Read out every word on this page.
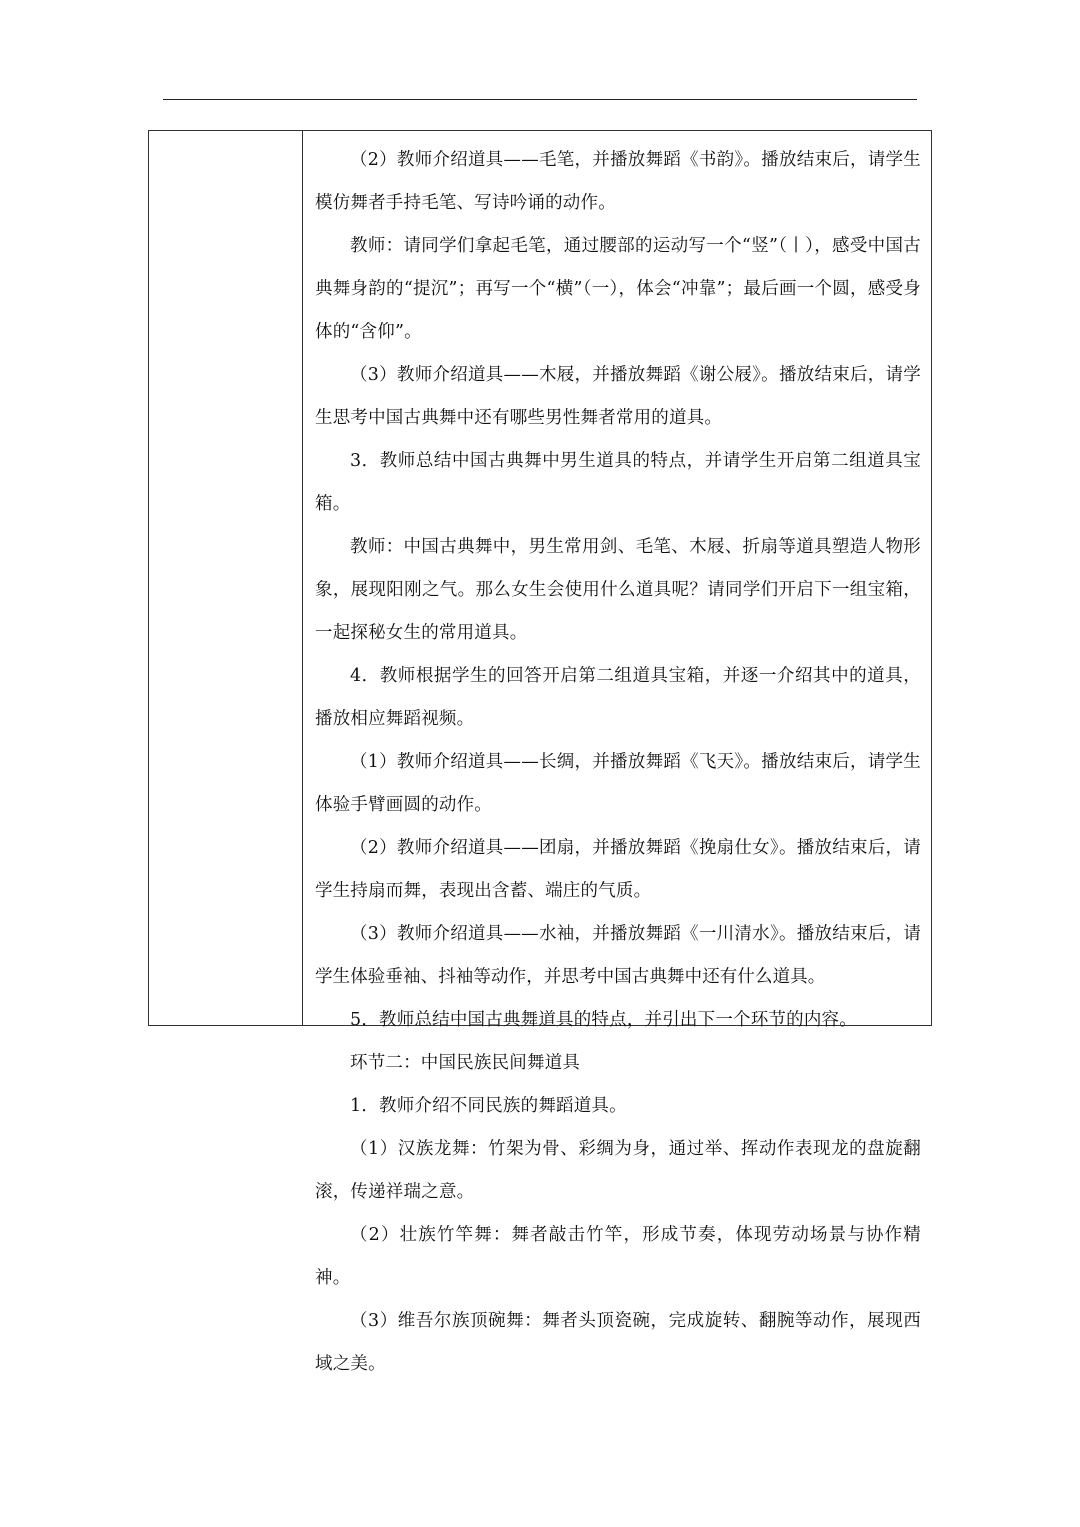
（2）教师介绍道具——毛笔，并播放舞蹈《书韵》。播放结束后，请学生模仿舞者手持毛笔、写诗吟诵的动作。

教师：请同学们拿起毛笔，通过腰部的运动写一个“竖”（丨），感受中国古典舞身韵的“提沉”；再写一个“横”（一），体会“冲靠”；最后画一个圆，感受身体的“含仰”。

（3）教师介绍道具——木屐，并播放舞蹈《谢公屐》。播放结束后，请学生思考中国古典舞中还有哪些男性舞者常用的道具。

3．教师总结中国古典舞中男生道具的特点，并请学生开启第二组道具宝箱。

教师：中国古典舞中，男生常用剑、毛笔、木屐、折扇等道具塑造人物形象，展现阳刚之气。那么女生会使用什么道具呢？请同学们开启下一组宝箱，一起探秘女生的常用道具。

4．教师根据学生的回答开启第二组道具宝箱，并逐一介绍其中的道具，播放相应舞蹈视频。

（1）教师介绍道具——长绸，并播放舞蹈《飞天》。播放结束后，请学生体验手臂画圆的动作。

（2）教师介绍道具——团扇，并播放舞蹈《挽扇仕女》。播放结束后，请学生持扇而舞，表现出含蓄、端庄的气质。

（3）教师介绍道具——水袖，并播放舞蹈《一川清水》。播放结束后，请学生体验垂袖、抖袖等动作，并思考中国古典舞中还有什么道具。

5．教师总结中国古典舞道具的特点，并引出下一个环节的内容。

环节二：中国民族民间舞道具

1．教师介绍不同民族的舞蹈道具。

（1）汉族龙舞：竹架为骨、彩绸为身，通过举、挥动作表现龙的盘旋翻滚，传递祥瑞之意。

（2）壮族竹竿舞：舞者敲击竹竿，形成节奏，体现劳动场景与协作精神。

（3）维吾尔族顶碗舞：舞者头顶瓷碗，完成旋转、翻腕等动作，展现西域之美。
